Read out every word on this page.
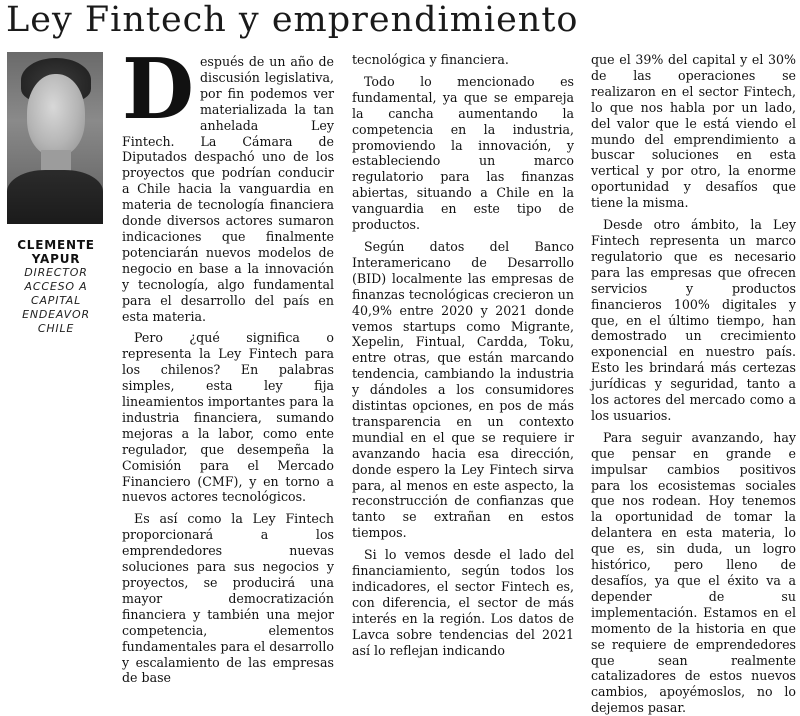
Ley Fintech y emprendimiento
CLEMENTE
YAPUR
DIRECTOR
ACCESO A
CAPITAL
ENDEAVOR
CHILE

Después de un año de discusión legislativa, por fin podemos ver materializada la tan anhelada Ley Fintech. La Cámara de Diputados despachó uno de los proyectos que podrían conducir a Chile hacia la vanguardia en materia de tecnología financiera donde diversos actores sumaron indicaciones que finalmente potenciarán nuevos modelos de negocio en base a la innovación y tecnología, algo fundamental para el desarrollo del país en esta materia.

Pero ¿qué significa o representa la Ley Fintech para los chilenos? En palabras simples, esta ley fija lineamientos importantes para la industria financiera, sumando mejoras a la labor, como ente regulador, que desempeña la Comisión para el Mercado Financiero (CMF), y en torno a nuevos actores tecnológicos.

Es así como la Ley Fintech proporcionará a los emprendedores nuevas soluciones para sus negocios y proyectos, se producirá una mayor democratización financiera y también una mejor competencia, elementos fundamentales para el desarrollo y escalamiento de las empresas de base

tecnológica y financiera.

Todo lo mencionado es fundamental, ya que se empareja la cancha aumentando la competencia en la industria, promoviendo la innovación, y estableciendo un marco regulatorio para las finanzas abiertas, situando a Chile en la vanguardia en este tipo de productos.

Según datos del Banco Interamericano de Desarrollo (BID) localmente las empresas de finanzas tecnológicas crecieron un 40,9% entre 2020 y 2021 donde vemos startups como Migrante, Xepelin, Fintual, Cardda, Toku, entre otras, que están marcando tendencia, cambiando la industria y dándoles a los consumidores distintas opciones, en pos de más transparencia en un contexto mundial en el que se requiere ir avanzando hacia esa dirección, donde espero la Ley Fintech sirva para, al menos en este aspecto, la reconstrucción de confianzas que tanto se extrañan en estos tiempos.

Si lo vemos desde el lado del financiamiento, según todos los indicadores, el sector Fintech es, con diferencia, el sector de más interés en la región. Los datos de Lavca sobre tendencias del 2021 así lo reflejan indicando

que el 39% del capital y el 30% de las operaciones se realizaron en el sector Fintech, lo que nos habla por un lado, del valor que le está viendo el mundo del emprendimiento a buscar soluciones en esta vertical y por otro, la enorme oportunidad y desafíos que tiene la misma.

Desde otro ámbito, la Ley Fintech representa un marco regulatorio que es necesario para las empresas que ofrecen servicios y productos financieros 100% digitales y que, en el último tiempo, han demostrado un crecimiento exponencial en nuestro país. Esto les brindará más certezas jurídicas y seguridad, tanto a los actores del mercado como a los usuarios.

Para seguir avanzando, hay que pensar en grande e impulsar cambios positivos para los ecosistemas sociales que nos rodean. Hoy tenemos la oportunidad de tomar la delantera en esta materia, lo que es, sin duda, un logro histórico, pero lleno de desafíos, ya que el éxito va a depender de su implementación. Estamos en el momento de la historia en que se requiere de emprendedores que sean realmente catalizadores de estos nuevos cambios, apoyémoslos, no lo dejemos pasar.
